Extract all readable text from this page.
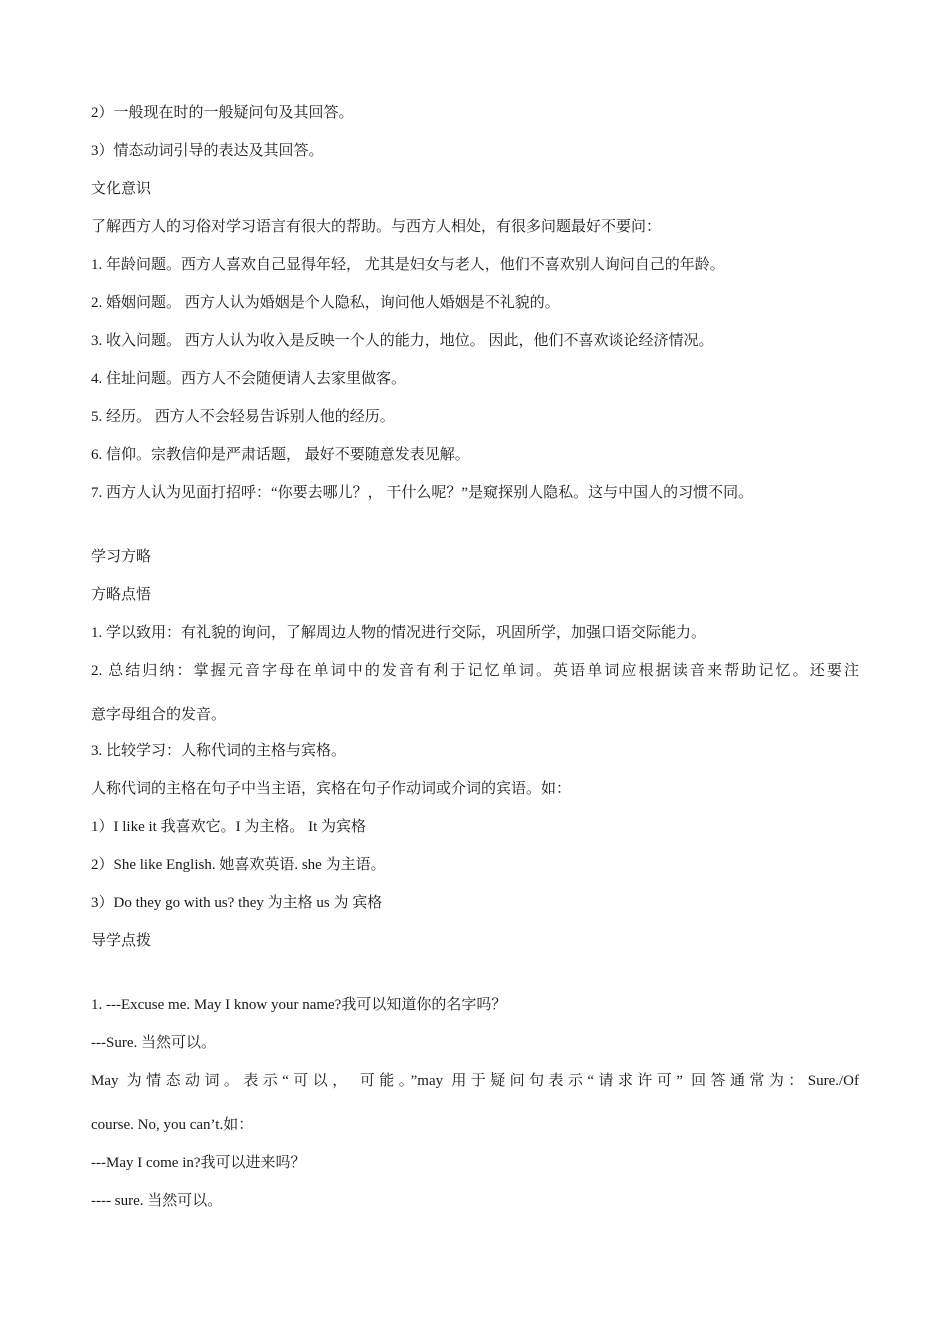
2）一般现在时的一般疑问句及其回答。
3）情态动词引导的表达及其回答。
文化意识
了解西方人的习俗对学习语言有很大的帮助。与西方人相处，有很多问题最好不要问：
1. 年龄问题。西方人喜欢自己显得年轻， 尤其是妇女与老人，他们不喜欢别人询问自己的年龄。
2. 婚姻问题。 西方人认为婚姻是个人隐私，询问他人婚姻是不礼貌的。
3. 收入问题。 西方人认为收入是反映一个人的能力，地位。 因此，他们不喜欢谈论经济情况。
4. 住址问题。西方人不会随便请人去家里做客。
5. 经历。 西方人不会轻易告诉别人他的经历。
6. 信仰。宗教信仰是严肃话题， 最好不要随意发表见解。
7. 西方人认为见面打招呼：“你要去哪儿？， 干什么呢？”是窥探别人隐私。这与中国人的习惯不同。
学习方略
方略点悟
1. 学以致用：有礼貌的询问，了解周边人物的情况进行交际，巩固所学，加强口语交际能力。
2. 总结归纳：掌握元音字母在单词中的发音有利于记忆单词。英语单词应根据读音来帮助记忆。还要注
意字母组合的发音。
3. 比较学习：人称代词的主格与宾格。
人称代词的主格在句子中当主语，宾格在句子作动词或介词的宾语。如：
1）I like it 我喜欢它。I 为主格。 It 为宾格
2）She like English. 她喜欢英语. she 为主语。
3）Do they go with us? they 为主格 us 为 宾格
导学点拨
1. ---Excuse me. May I know your name?我可以知道你的名字吗？
---Sure. 当然可以。
May 为情态动词。表示“可以， 可能。”may 用于疑问句表示“请求许可” 回答通常为：Sure./Of
course. No, you can’t.如：
---May I come in?我可以进来吗？
---- sure. 当然可以。
